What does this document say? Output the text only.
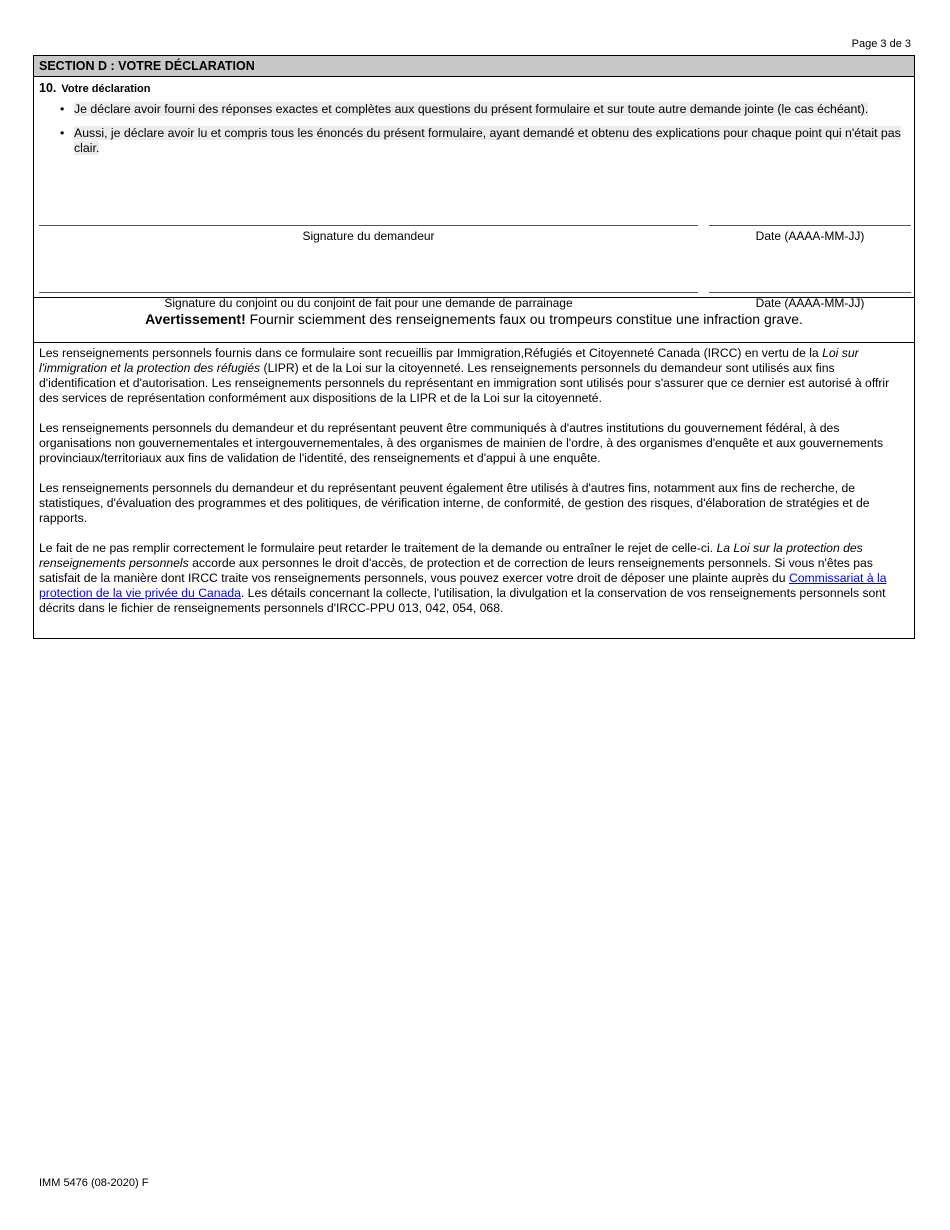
Page 3 de 3
SECTION D : VOTRE DÉCLARATION
10. Votre déclaration
• Je déclare avoir fourni des réponses exactes et complètes aux questions du présent formulaire et sur toute autre demande jointe (le cas échéant).
• Aussi, je déclare avoir lu et compris tous les énoncés du présent formulaire, ayant demandé et obtenu des explications pour chaque point qui n'était pas clair.
Signature du demandeur	Date (AAAA-MM-JJ)
Signature du conjoint ou du conjoint de fait pour une demande de parrainage	Date (AAAA-MM-JJ)
Avertissement! Fournir sciemment des renseignements faux ou trompeurs constitue une infraction grave.

Les renseignements personnels fournis dans ce formulaire sont recueillis par Immigration,Réfugiés et Citoyenneté Canada (IRCC) en vertu de la Loi sur l'immigration et la protection des réfugiés (LIPR) et de la Loi sur la citoyenneté. Les renseignements personnels du demandeur sont utilisés aux fins d'identification et d'autorisation. Les renseignements personnels du représentant en immigration sont utilisés pour s'assurer que ce dernier est autorisé à offrir des services de représentation conformément aux dispositions de la LIPR et de la Loi sur la citoyenneté.

Les renseignements personnels du demandeur et du représentant peuvent être communiqués à d'autres institutions du gouvernement fédéral, à des organisations non gouvernementales et intergouvernementales, à des organismes de mainien de l'ordre, à des organismes d'enquête et aux gouvernements provinciaux/territoriaux aux fins de validation de l'identité, des renseignements et d'appui à une enquête.

Les renseignements personnels du demandeur et du représentant peuvent également être utilisés à d'autres fins, notamment aux fins de recherche, de statistiques, d'évaluation des programmes et des politiques, de vérification interne, de conformité, de gestion des risques, d'élaboration de stratégies et de rapports.

Le fait de ne pas remplir correctement le formulaire peut retarder le traitement de la demande ou entraîner le rejet de celle-ci. La Loi sur la protection des renseignements personnels accorde aux personnes le droit d'accès, de protection et de correction de leurs renseignements personnels. Si vous n'êtes pas satisfait de la manière dont IRCC traite vos renseignements personnels, vous pouvez exercer votre droit de déposer une plainte auprès du Commissariat à la protection de la vie privée du Canada. Les détails concernant la collecte, l'utilisation, la divulgation et la conservation de vos renseignements personnels sont décrits dans le fichier de renseignements personnels d'IRCC-PPU 013, 042, 054, 068.

IMM 5476 (08-2020) F
